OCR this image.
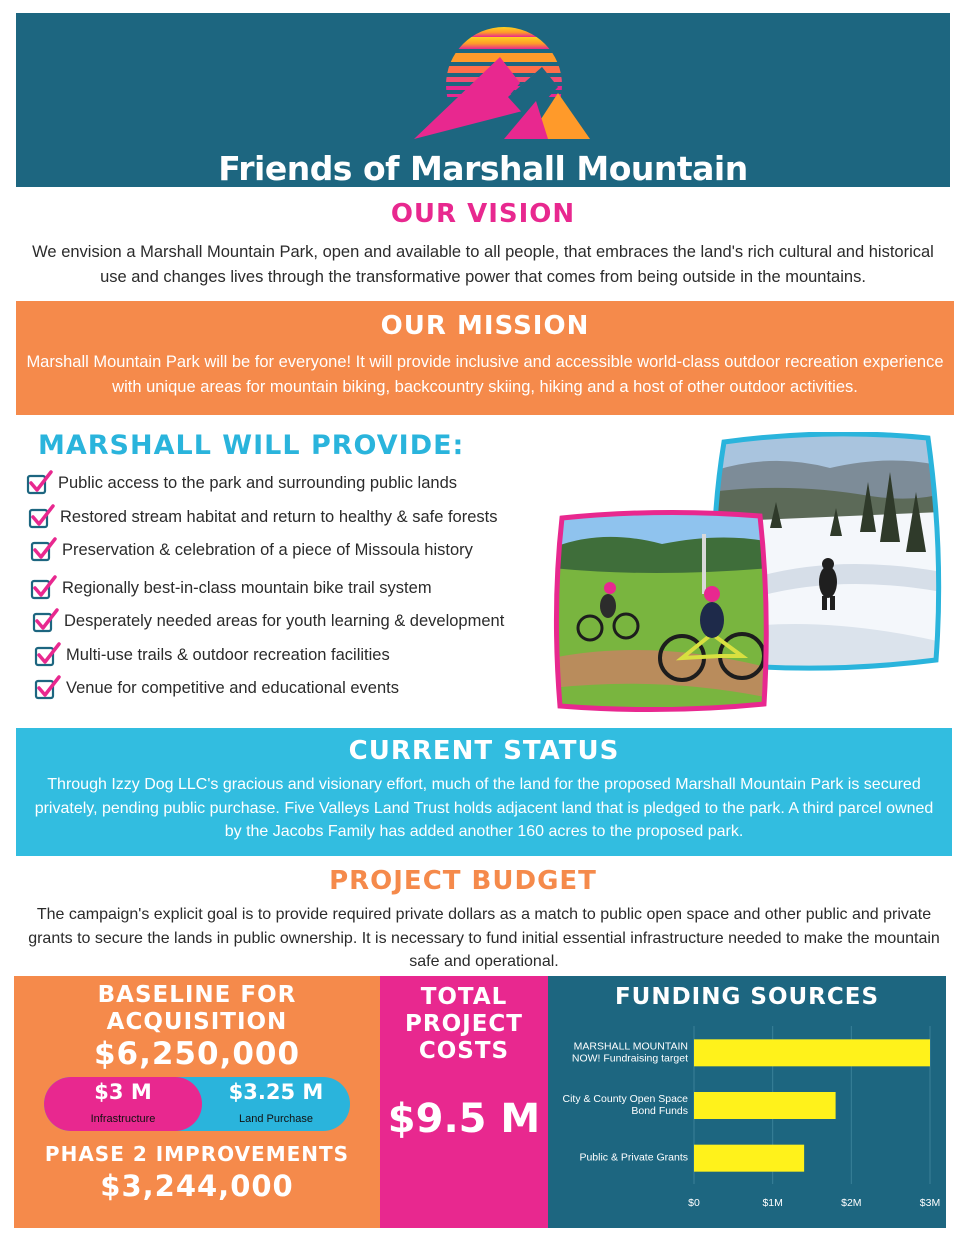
Friends of Marshall Mountain
OUR VISION
We envision a Marshall Mountain Park, open and available to all people, that embraces the land's rich cultural and historical use and changes lives through the transformative power that comes from being outside in the mountains.
OUR MISSION
Marshall Mountain Park will be for everyone! It will provide inclusive and accessible world-class outdoor recreation experience with unique areas for mountain biking, backcountry skiing, hiking and a host of other outdoor activities.
MARSHALL WILL PROVIDE:
Public access to the park and surrounding public lands
Restored stream habitat and return to healthy & safe forests
Preservation & celebration of a piece of Missoula history
Regionally best-in-class mountain bike trail system
Desperately needed areas for youth learning & development
Multi-use trails & outdoor recreation facilities
Venue for competitive and educational events
CURRENT STATUS
Through Izzy Dog LLC's gracious and visionary effort, much of the land for the proposed Marshall Mountain Park is secured privately, pending public purchase. Five Valleys Land Trust holds adjacent land that is pledged to the park. A third parcel owned by the Jacobs Family has added another 160 acres to the proposed park.
PROJECT BUDGET
The campaign's explicit goal is to provide required private dollars as a match to public open space and other public and private grants to secure the lands in public ownership. It is necessary to fund initial essential infrastructure needed to make the mountain safe and operational.
BASELINE FOR
ACQUISITION
$6,250,000
$3 M
Infrastructure
$3.25 M
Land Purchase
PHASE 2 IMPROVEMENTS
$3,244,000
TOTAL
PROJECT
COSTS
$9.5 M
FUNDING SOURCES
$0	$1M	$2M	$3M
MARSHALL MOUNTAIN
NOW! Fundraising target
City & County Open Space
Bond Funds
Public & Private Grants
